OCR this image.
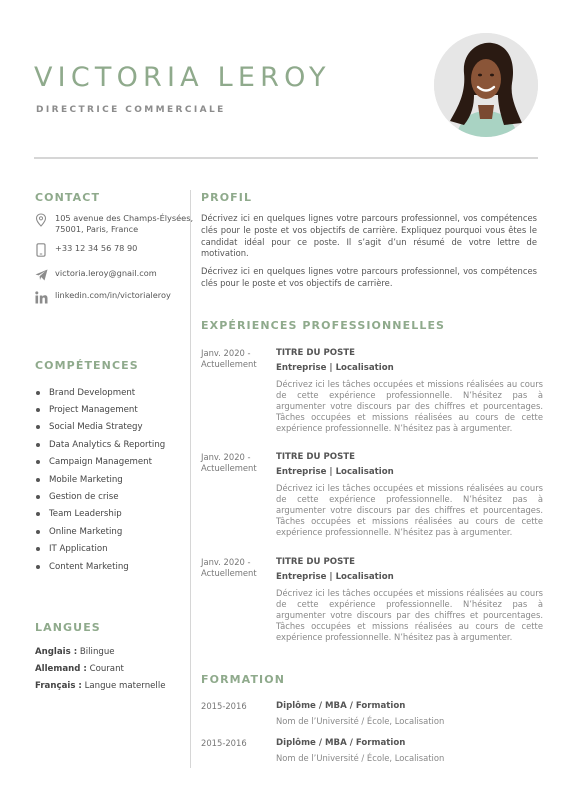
VICTORIA LEROY
DIRECTRICE COMMERCIALE
CONTACT
105 avenue des Champs-Élysées,
75001, Paris, France
+33 12 34 56 78 90
victoria.leroy@gnail.com
linkedin.com/in/victorialeroy
COMPÉTENCES
Brand Development
Project Management
Social Media Strategy
Data Analytics & Reporting
Campaign Management
Mobile Marketing
Gestion de crise
Team Leadership
Online Marketing
IT Application
Content Marketing
LANGUES
Anglais : Bilingue
Allemand : Courant
Français : Langue maternelle
PROFIL

Décrivez ici en quelques lignes votre parcours professionnel, vos compétences clés pour le poste et vos objectifs de carrière. Expliquez pourquoi vous êtes le candidat idéal pour ce poste. Il s’agit d’un résumé de votre lettre de motivation.

Décrivez ici en quelques lignes votre parcours professionnel, vos compétences clés pour le poste et vos objectifs de carrière.

EXPÉRIENCES PROFESSIONNELLES
Janv. 2020 -
Actuellement
TITRE DU POSTE
Entreprise | Localisation

Décrivez ici les tâches occupées et missions réalisées au cours de cette expérience professionnelle. N’hésitez pas à argumenter votre discours par des chiffres et pourcentages. Tâches occupées et missions réalisées au cours de cette expérience professionnelle. N’hésitez pas à argumenter.

Janv. 2020 -
Actuellement
TITRE DU POSTE
Entreprise | Localisation

Décrivez ici les tâches occupées et missions réalisées au cours de cette expérience professionnelle. N’hésitez pas à argumenter votre discours par des chiffres et pourcentages. Tâches occupées et missions réalisées au cours de cette expérience professionnelle. N’hésitez pas à argumenter.

Janv. 2020 -
Actuellement
TITRE DU POSTE
Entreprise | Localisation

Décrivez ici les tâches occupées et missions réalisées au cours de cette expérience professionnelle. N’hésitez pas à argumenter votre discours par des chiffres et pourcentages. Tâches occupées et missions réalisées au cours de cette expérience professionnelle. N’hésitez pas à argumenter.

FORMATION
2015-2016	Diplôme / MBA / Formation
Nom de l’Université / École, Localisation
2015-2016	Diplôme / MBA / Formation
Nom de l’Université / École, Localisation
